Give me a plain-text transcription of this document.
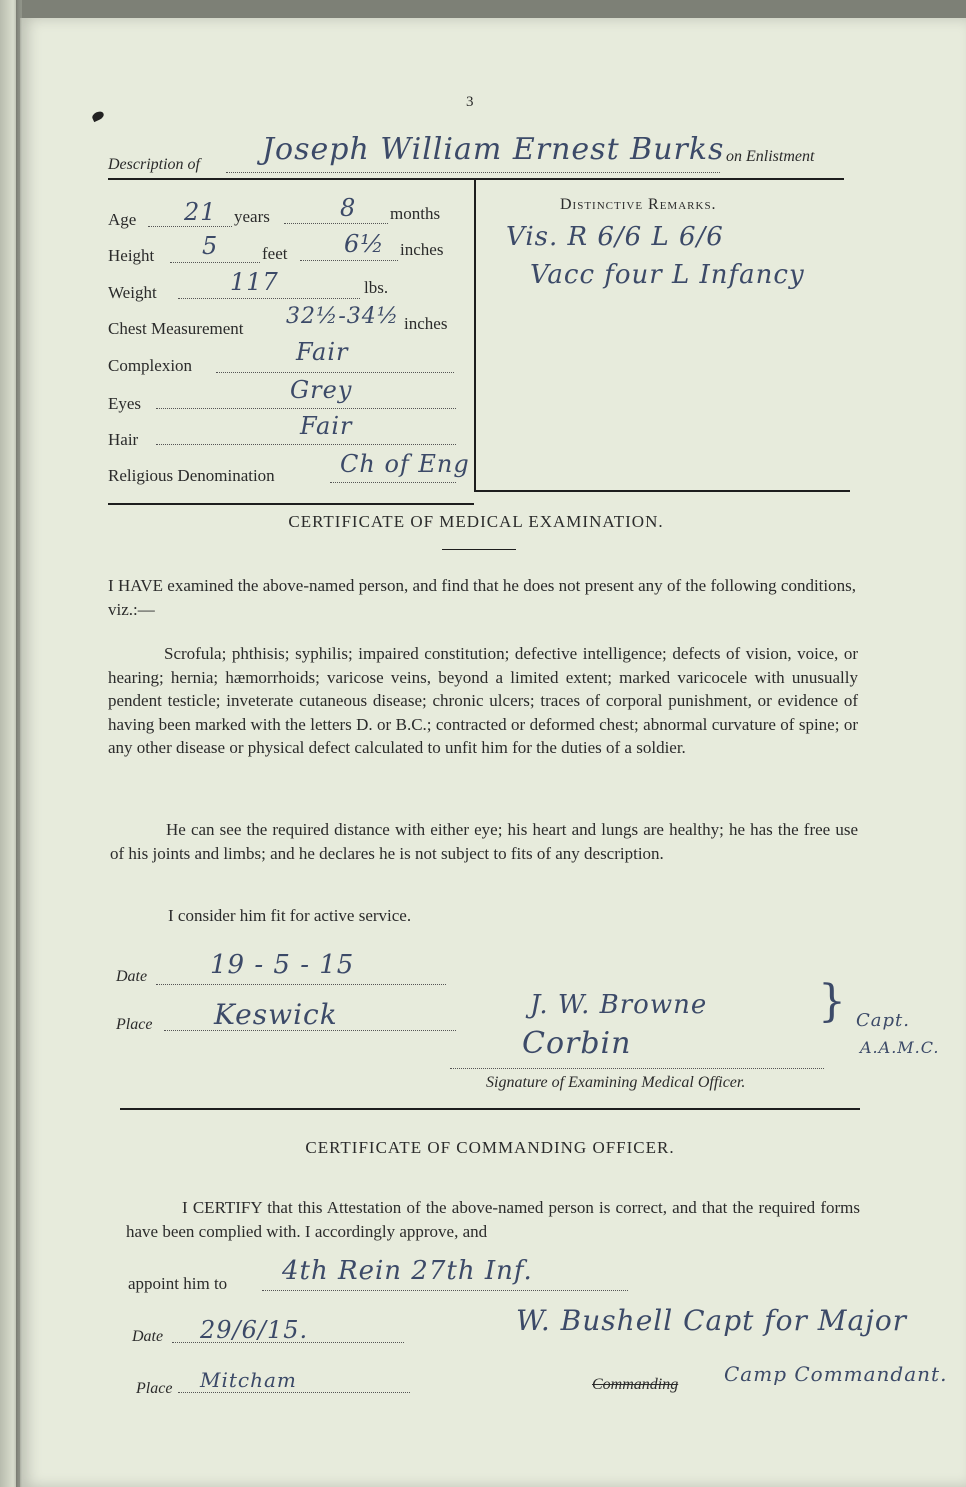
3
Description of Joseph William Ernest Burks on Enlistment
Age 21 years	8 months
Height 5	feet 6½ inches
Weight	117	lbs.
Chest Measurement 32½-34½ inches
Complexion	Fair
Eyes	Grey
Hair	Fair
Religious Denomination	Ch of Eng
Distinctive Remarks.
Vis. R 6/6 L 6/6
Vacc four L Infancy
CERTIFICATE OF MEDICAL EXAMINATION.

I HAVE examined the above-named person, and find that he does not present any of the following conditions, viz.:—

Scrofula; phthisis; syphilis; impaired constitution; defective intelligence; defects of vision, voice, or hearing; hernia; hæmorrhoids; varicose veins, beyond a limited extent; marked varicocele with unusually pendent testicle; inveterate cutaneous disease; chronic ulcers; traces of corporal punishment, or evidence of having been marked with the letters D. or B.C.; contracted or deformed chest; abnormal curvature of spine; or any other disease or physical defect calculated to unfit him for the duties of a soldier.

He can see the required distance with either eye; his heart and lungs are healthy; he has the free use of his joints and limbs; and he declares he is not subject to fits of any description.

I consider him fit for active service.
Date 19 - 5 - 15
Place Keswick	J. W. Browne
Corbin
} Capt.
A.A.M.C.
Signature of Examining Medical Officer.
CERTIFICATE OF COMMANDING OFFICER.

I CERTIFY that this Attestation of the above-named person is correct, and that the required forms have been complied with. I accordingly approve, and

appoint him to 4th Rein 27th Inf.
Date 29/6/15.
Place Mitcham
W. Bushell Capt for Major
Commanding Camp Commandant.
